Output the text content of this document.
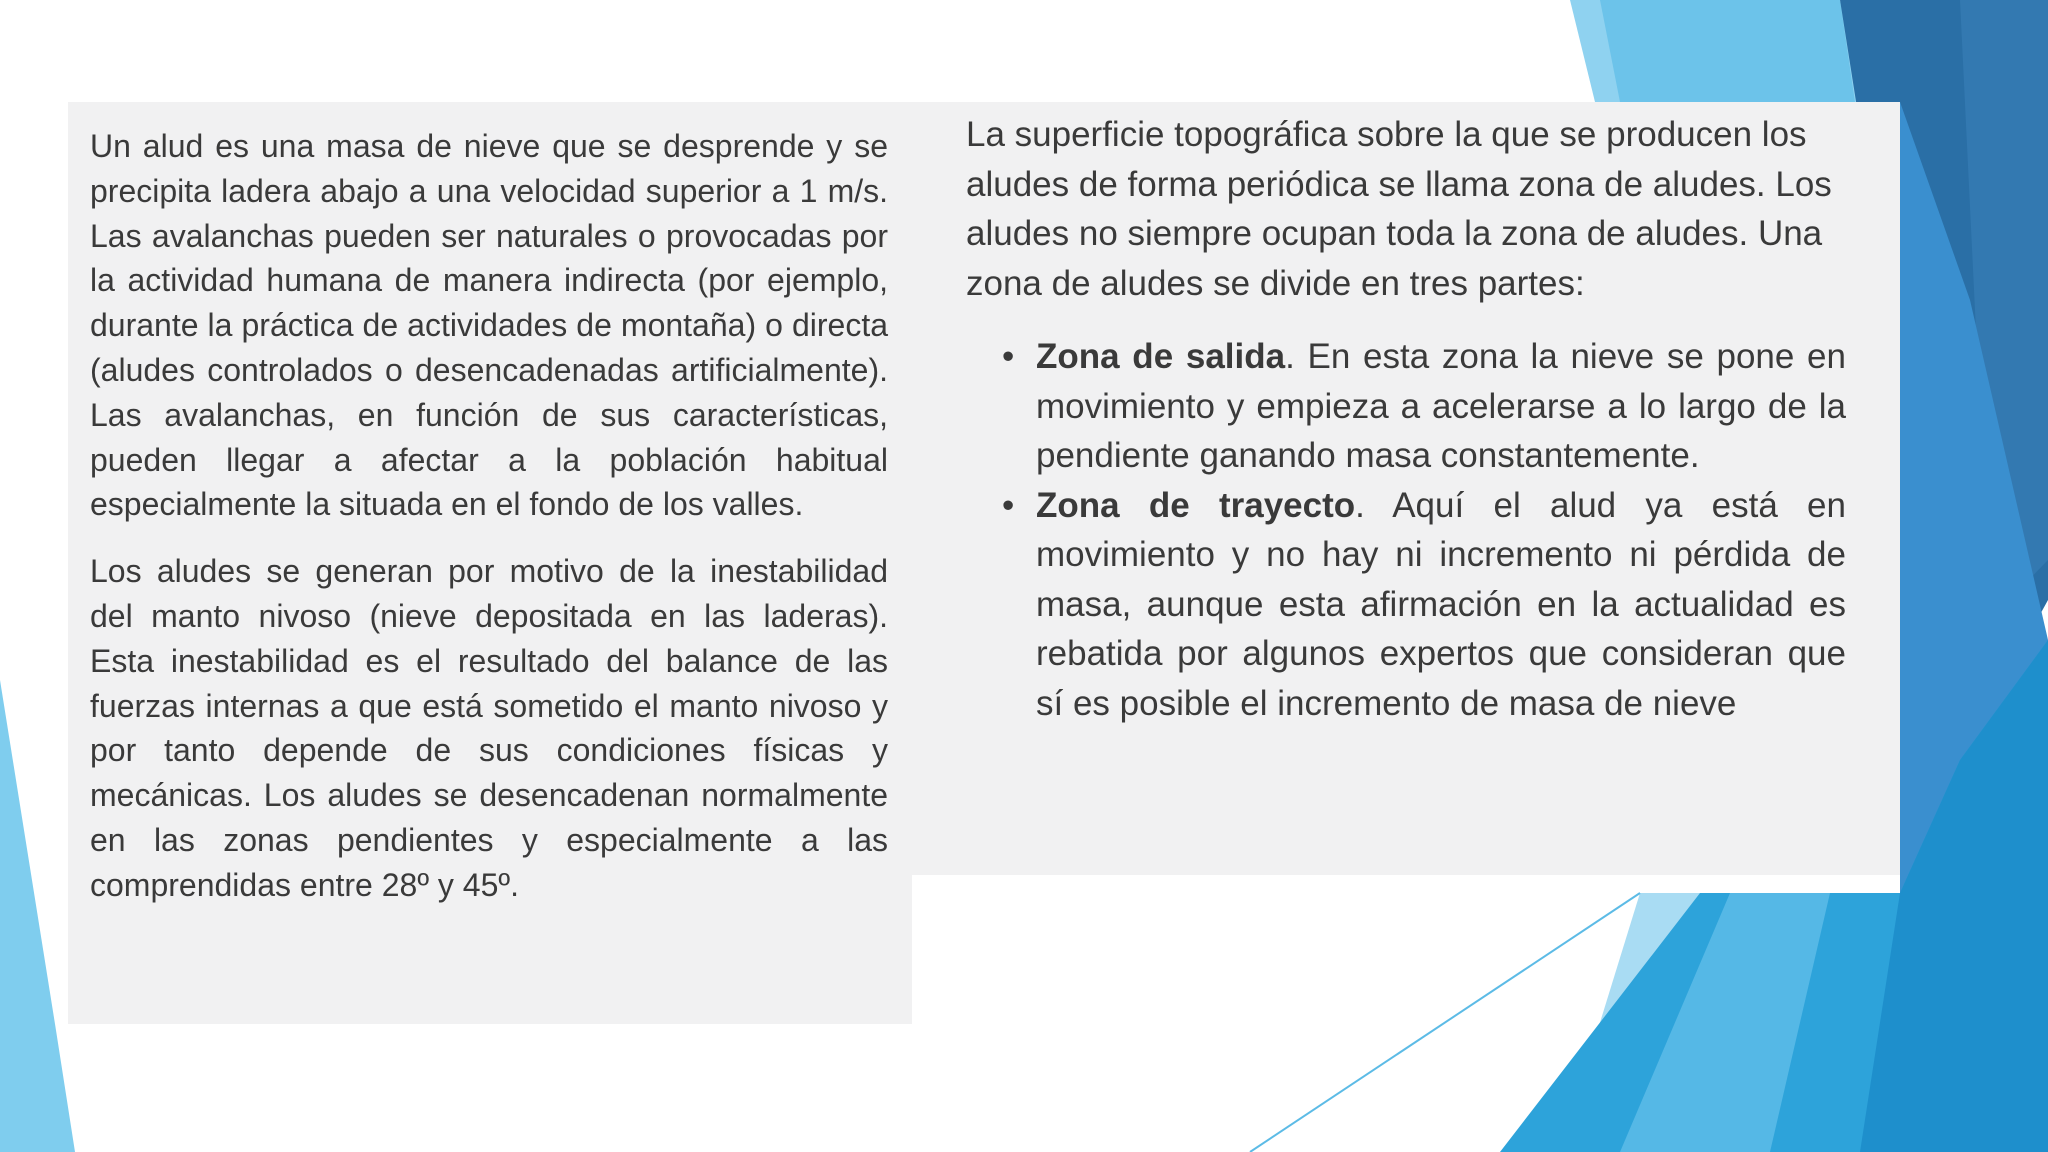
Un alud es una masa de nieve que se desprende y se precipita ladera abajo a una velocidad superior a 1 m/s. Las avalanchas pueden ser naturales o provocadas por la actividad humana de manera indirecta (por ejemplo, durante la práctica de actividades de montaña) o directa (aludes controlados o desencadenadas artificialmente). Las avalanchas, en función de sus características, pueden llegar a afectar a la población habitual especialmente la situada en el fondo de los valles.

Los aludes se generan por motivo de la inestabilidad del manto nivoso (nieve depositada en las laderas). Esta inestabilidad es el resultado del balance de las fuerzas internas a que está sometido el manto nivoso y por tanto depende de sus condiciones físicas y mecánicas. Los aludes se desencadenan normalmente en las zonas pendientes y especialmente a las comprendidas entre 28º y 45º.

La superficie topográfica sobre la que se producen los aludes de forma periódica se llama zona de aludes. Los aludes no siempre ocupan toda la zona de aludes. Una zona de aludes se divide en tres partes:

• Zona de salida. En esta zona la nieve se pone en movimiento y empieza a acelerarse a lo largo de la pendiente ganando masa constantemente.
• Zona de trayecto. Aquí el alud ya está en movimiento y no hay ni incremento ni pérdida de masa, aunque esta afirmación en la actualidad es rebatida por algunos expertos que consideran que sí es posible el incremento de masa de nieve
